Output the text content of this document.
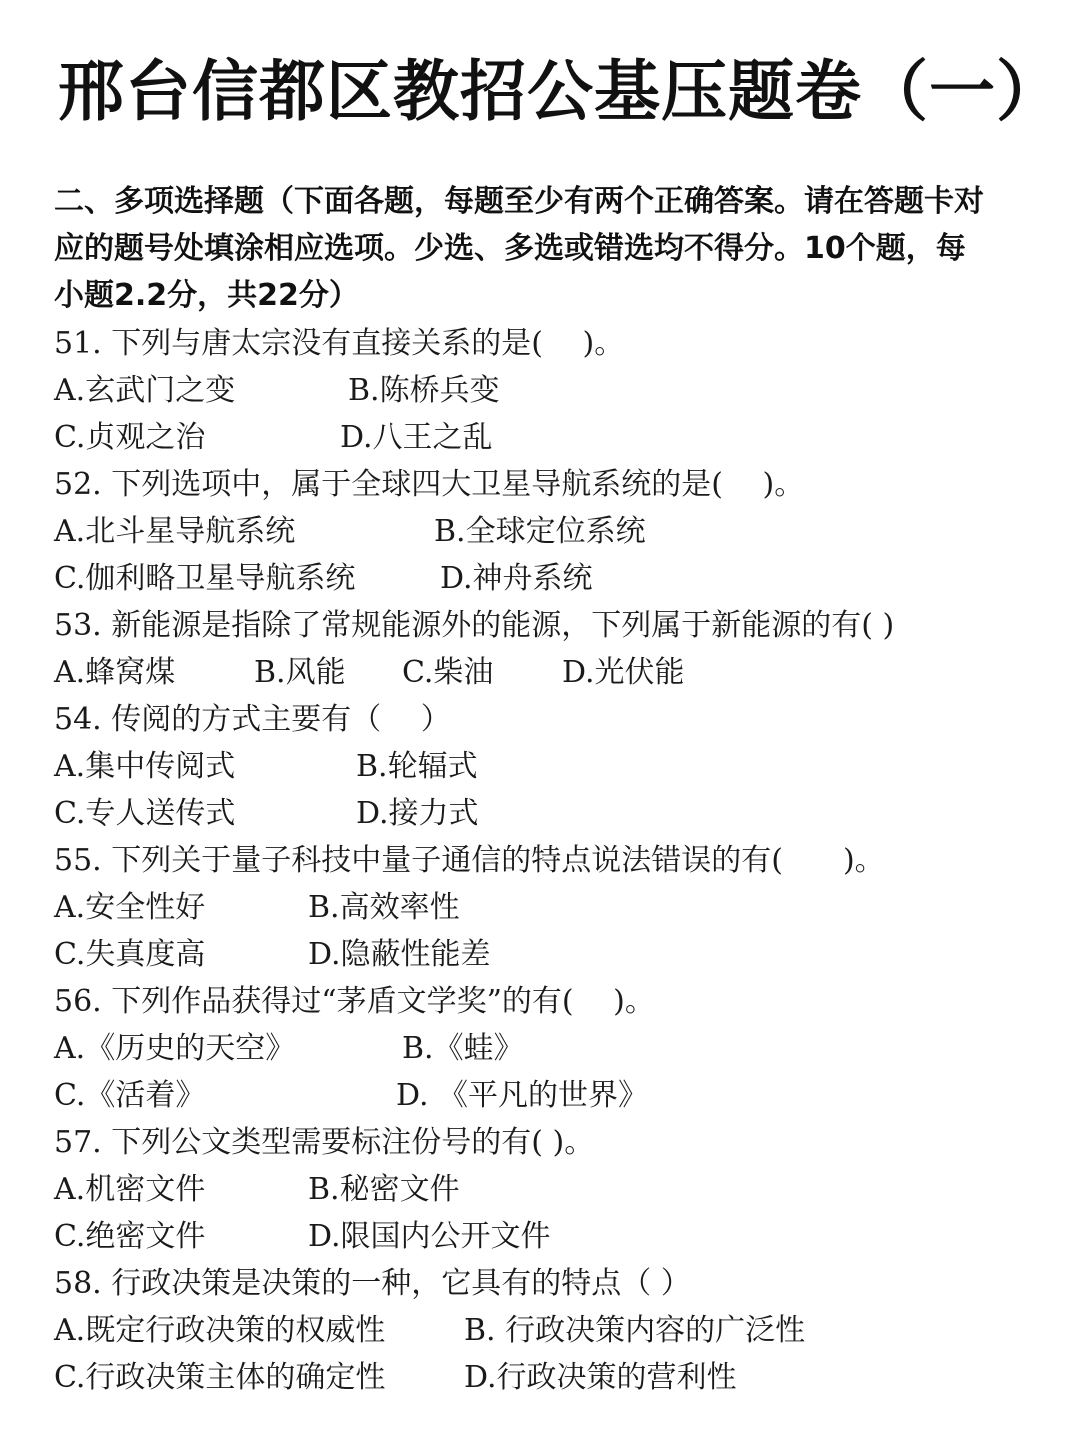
邢台信都区教招公基压题卷（一）
二、多项选择题（下面各题，每题至少有两个正确答案。请在答题卡对
应的题号处填涂相应选项。少选、多选或错选均不得分。10个题，每
小题2.2分，共22分）
51. 下列与唐太宗没有直接关系的是(　 )。
A.玄武门之变	B.陈桥兵变
C.贞观之治	D.八王之乱
52. 下列选项中，属于全球四大卫星导航系统的是(　 )。
A.北斗星导航系统	B.全球定位系统
C.伽利略卫星导航系统	D.神舟系统
53. 新能源是指除了常规能源外的能源，下列属于新能源的有( )
A.蜂窝煤	B.风能 C.柴油 D.光伏能
54. 传阅的方式主要有（　 ）
A.集中传阅式	B.轮辐式
C.专人送传式	D.接力式
55. 下列关于量子科技中量子通信的特点说法错误的有(　　)。
A.安全性好	B.高效率性
C.失真度高	D.隐蔽性能差
56. 下列作品获得过“茅盾文学奖”的有(　 )。
A.《历史的天空》	B.《蛙》
C.《活着》	D. 《平凡的世界》
57. 下列公文类型需要标注份号的有( )。
A.机密文件	B.秘密文件
C.绝密文件	D.限国内公开文件
58. 行政决策是决策的一种，它具有的特点（ ）
A.既定行政决策的权威性	B. 行政决策内容的广泛性
C.行政决策主体的确定性	D.行政决策的营利性
